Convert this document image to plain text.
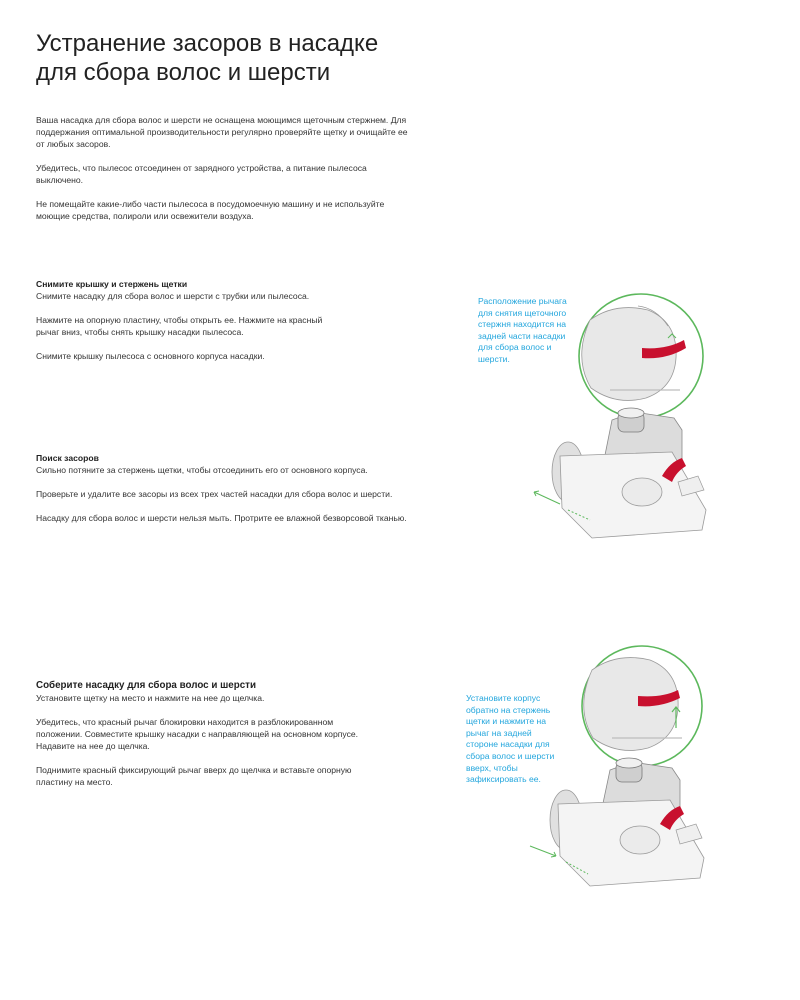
Устранение засоров в насадке для сбора волос и шерсти

Ваша насадка для сбора волос и шерсти не оснащена моющимся щеточным стержнем. Для поддержания оптимальной производительности регулярно проверяйте щетку и очищайте ее от любых засоров.

Убедитесь, что пылесос отсоединен от зарядного устройства, а питание пылесоса выключено.

Не помещайте какие-либо части пылесоса в посудомоечную машину и не используйте моющие средства, полироли или освежители воздуха.

Снимите крышку и стержень щетки

Снимите насадку для сбора волос и шерсти с трубки или пылесоса.

Нажмите на опорную пластину, чтобы открыть ее. Нажмите на красный рычаг вниз, чтобы снять крышку насадки пылесоса.

Снимите крышку пылесоса с основного корпуса насадки.

Поиск засоров

Сильно потяните за стержень щетки, чтобы отсоединить его от основного корпуса.

Проверьте и удалите все засоры из всех трех частей насадки для сбора волос и шерсти.

Насадку для сбора волос и шерсти нельзя мыть. Протрите ее влажной безворсовой тканью.

Соберите насадку для сбора волос и шерсти

Установите щетку на место и нажмите на нее до щелчка.

Убедитесь, что красный рычаг блокировки находится в разблокированном положении. Совместите крышку насадки с направляющей на основном корпусе. Надавите на нее до щелчка.

Поднимите красный фиксирующий рычаг вверх до щелчка и вставьте опорную пластину на место.

Расположение рычага для снятия щеточного стержня находится на задней части насадки для сбора волос и шерсти.

Установите корпус обратно на стержень щетки и нажмите на рычаг на задней стороне насадки для сбора волос и шерсти вверх, чтобы зафиксировать ее.
